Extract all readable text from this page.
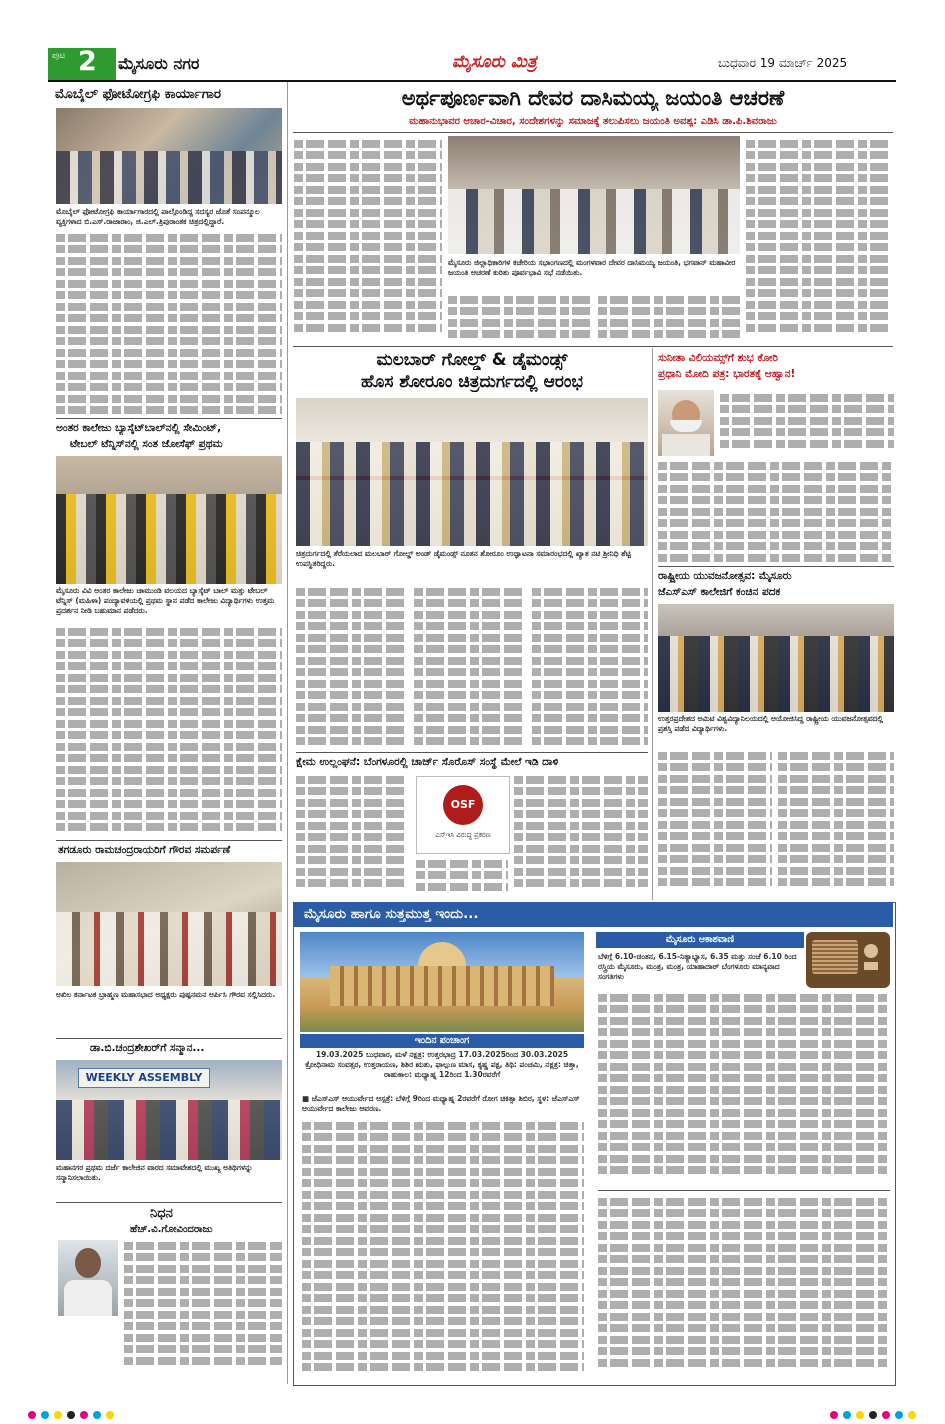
ಪುಟ 2 ಮೈಸೂರು ನಗರ	ಮೈಸೂರು ಮಿತ್ರ	ಬುಧವಾರ 19 ಮಾರ್ಚ್ 2025
ಮೊಬೈಲ್ ಫೋಟೋಗ್ರಫಿ ಕಾರ್ಯಾಗಾರ
ಮೊಬೈಲ್ ಫೋಟೋಗ್ರಫಿ ಕಾರ್ಯಾಗಾರದಲ್ಲಿ ಪಾಲ್ಗೊಂಡಿದ್ದ ಸದಸ್ಯರ ಜೊತೆ ಸಂಪನ್ಮೂಲ ವ್ಯಕ್ತಿಗಳಾದ ಬಿ.ಎಸ್.ರಾಜಾರಾಂ, ಜಿ.ಎಲ್.ತ್ರಿಪುರಾಂತಕ ಚಿತ್ರದಲ್ಲಿದ್ದಾರೆ.
ಅಂತರ ಕಾಲೇಜು ಬ್ಯಾಸ್ಕೆಟ್‌ಬಾಲ್‌ನಲ್ಲಿ ಸೇಮಿಂಟ್,
ಟೇಬಲ್ ಟೆನ್ನಿಸ್‌ನಲ್ಲಿ ಸಂತ ಜೋಸೆಫ್ ಪ್ರಥಮ
ಮೈಸೂರು ವಿವಿ ಅಂತರ ಕಾಲೇಜು ಚಾಮುಂಡಿ ವಲಯದ ಬ್ಯಾಸ್ಕೆಟ್ ಬಾಲ್ ಮತ್ತು ಟೇಬಲ್ ಟೆನ್ನಿಸ್ (ಮಹಿಳಾ) ಪಂದ್ಯಾವಳಿಯಲ್ಲಿ ಪ್ರಥಮ ಸ್ಥಾನ ಪಡೆದ ಕಾಲೇಜು ವಿದ್ಯಾರ್ಥಿಗಳು ಉತ್ತಮ ಪ್ರದರ್ಶನ ನೀಡಿ ಬಹುಮಾನ ಪಡೆದರು.
ತಗಡೂರು ರಾಮಚಂದ್ರರಾಯರಿಗೆ ಗೌರವ ಸಮರ್ಪಣೆ
ಅಖಿಲ ಕರ್ನಾಟಕ ಬ್ರಾಹ್ಮಣ ಮಹಾಸಭಾದ ಅಧ್ಯಕ್ಷರು ಪುಷ್ಪನಮನ ಅರ್ಪಿಸಿ ಗೌರವ ಸಲ್ಲಿಸಿದರು.
ಡಾ.ಬಿ.ಚಂದ್ರಶೇಖರ್‌ಗೆ ಸನ್ಮಾನ...
WEEKLY ASSEMBLY
ಮಹಾನಗರ ಪ್ರಥಮ ದರ್ಜೆ ಕಾಲೇಜಿನ ವಾರದ ಸಮಾವೇಶದಲ್ಲಿ ಮುಖ್ಯ ಅತಿಥಿಗಳನ್ನು ಸನ್ಮಾನಿಸಲಾಯಿತು.
ನಿಧನ
ಹೆಚ್.ವಿ.ಗೋವಿಂದರಾಜು
ಅರ್ಥಪೂರ್ಣವಾಗಿ ದೇವರ ದಾಸಿಮಯ್ಯ ಜಯಂತಿ ಆಚರಣೆ
ಮಹಾನುಭಾವರ ಆಚಾರ-ವಿಚಾರ, ಸಂದೇಶಗಳನ್ನು ಸಮಾಜಕ್ಕೆ ತಲುಪಿಸಲು ಜಯಂತಿ ಅವಶ್ಯ: ಎಡಿಸಿ ಡಾ.ಪಿ.ಶಿವರಾಜು
ಮೈಸೂರು ಜಿಲ್ಲಾಧಿಕಾರಿಗಳ ಕಚೇರಿಯ ಸಭಾಂಗಣದಲ್ಲಿ ಮಂಗಳವಾರ ದೇವರ ದಾಸಿಮಯ್ಯ ಜಯಂತಿ, ಭಗವಾನ್ ಮಹಾವೀರ ಜಯಂತಿ ಆಚರಣೆ ಕುರಿತು ಪೂರ್ವಭಾವಿ ಸಭೆ ನಡೆಯಿತು.
ಮಲಬಾರ್ ಗೋಲ್ಡ್ & ಡೈಮಂಡ್ಸ್
ಹೊಸ ಶೋರೂಂ ಚಿತ್ರದುರ್ಗದಲ್ಲಿ ಆರಂಭ
ಚಿತ್ರದುರ್ಗದಲ್ಲಿ ತೆರೆಯಲಾದ ಮಲಬಾರ್ ಗೋಲ್ಡ್ ಅಂಡ್ ಡೈಮಂಡ್ಸ್ ನೂತನ ಶೋರೂಂ ಉದ್ಘಾಟನಾ ಸಮಾರಂಭದಲ್ಲಿ ಖ್ಯಾತ ನಟಿ ಶ್ರೀನಿಧಿ ಶೆಟ್ಟಿ ಉಪಸ್ಥಿತರಿದ್ದರು.
ಕ್ಷೇಮ ಉಲ್ಲಂಘನೆ: ಬೆಂಗಳೂರಲ್ಲಿ ಚಾರ್ಜ್ ಸೊರೊಸ್ ಸಂಸ್ಥೆ ಮೇಲೆ ಇಡಿ ದಾಳಿ
OSF
ಎಸ್‌ಇಸಿ ವಿರುದ್ಧ ಪ್ರಕರಣ
ಸುನೀತಾ ವಿಲಿಯಮ್ಸ್‌ಗೆ ಶುಭ ಕೋರಿ
ಪ್ರಧಾನಿ ಮೋದಿ ಪತ್ರ: ಭಾರತಕ್ಕೆ ಆಹ್ವಾನ!
ರಾಷ್ಟ್ರೀಯ ಯುವಜನೋತ್ಸವ: ಮೈಸೂರು
ಜೆಎಸ್‌ಎಸ್ ಕಾಲೇಜಿಗೆ ಕಂಚಿನ ಪದಕ
ಉತ್ತರಪ್ರದೇಶದ ಅಮಿಟಿ ವಿಶ್ವವಿದ್ಯಾನಿಲಯದಲ್ಲಿ ಆಯೋಜಿಸಿದ್ದ ರಾಷ್ಟ್ರೀಯ ಯುವಜನೋತ್ಸವದಲ್ಲಿ ಪ್ರಶಸ್ತಿ ಪಡೆದ ವಿದ್ಯಾರ್ಥಿಗಳು.
ಮೈಸೂರು ಹಾಗೂ ಸುತ್ತಮುತ್ತ ಇಂದು...
ಇಂದಿನ ಪಂಚಾಂಗ
19.03.2025 ಬುಧವಾರ, ಮಳೆ ನಕ್ಷತ್ರ: ಉತ್ತರಭಾದ್ರ 17.03.2025ರಿಂದ 30.03.2025 ಕ್ರೋಧಿನಾಮ ಸಂವತ್ಸರ, ಉತ್ತರಾಯಣ, ಶಿಶಿರ ಋತು, ಫಾಲ್ಗುಣ ಮಾಸ, ಕೃಷ್ಣ ಪಕ್ಷ, ತಿಥಿ: ಪಂಚಮಿ, ನಕ್ಷತ್ರ: ಚಿತ್ತಾ, ರಾಹುಕಾಲ: ಮಧ್ಯಾಹ್ನ 12ರಿಂದ 1.30ರವರೆಗೆ
■ ಜೆಎಸ್ಎಸ್ ಆಯುರ್ವೇದ ಆಸ್ಪತ್ರೆ: ಬೆಳಿಗ್ಗೆ 9ರಿಂದ ಮಧ್ಯಾಹ್ನ 2ರವರೆಗೆ ರೋಗ ಚಿಕಿತ್ಸಾ ಶಿಬಿರ, ಸ್ಥಳ: ಜೆಎಸ್ಎಸ್ ಆಯುರ್ವೇದ ಕಾಲೇಜು ಆವರಣ.
ಮೈಸೂರು ಆಕಾಶವಾಣಿ
ಬೆಳಿಗ್ಗೆ 6.10-ಚಿಂತನ, 6.15-ನಿತ್ಯಾಭ್ಯಾಸ, 6.35 ಮತ್ತು ಸಂಜೆ 6.10 ರಿಂದ ರಸ್ತ್ರಿಯ ಮೈಸೂರು, ಮಂತ್ರ, ಮಂತ್ರ, ಯಾಹಾದಾರ್ ಬೆಂಗಳೂರು ಮಾನ್ಯವಾದ ಸಂಗತಿಗಳು
